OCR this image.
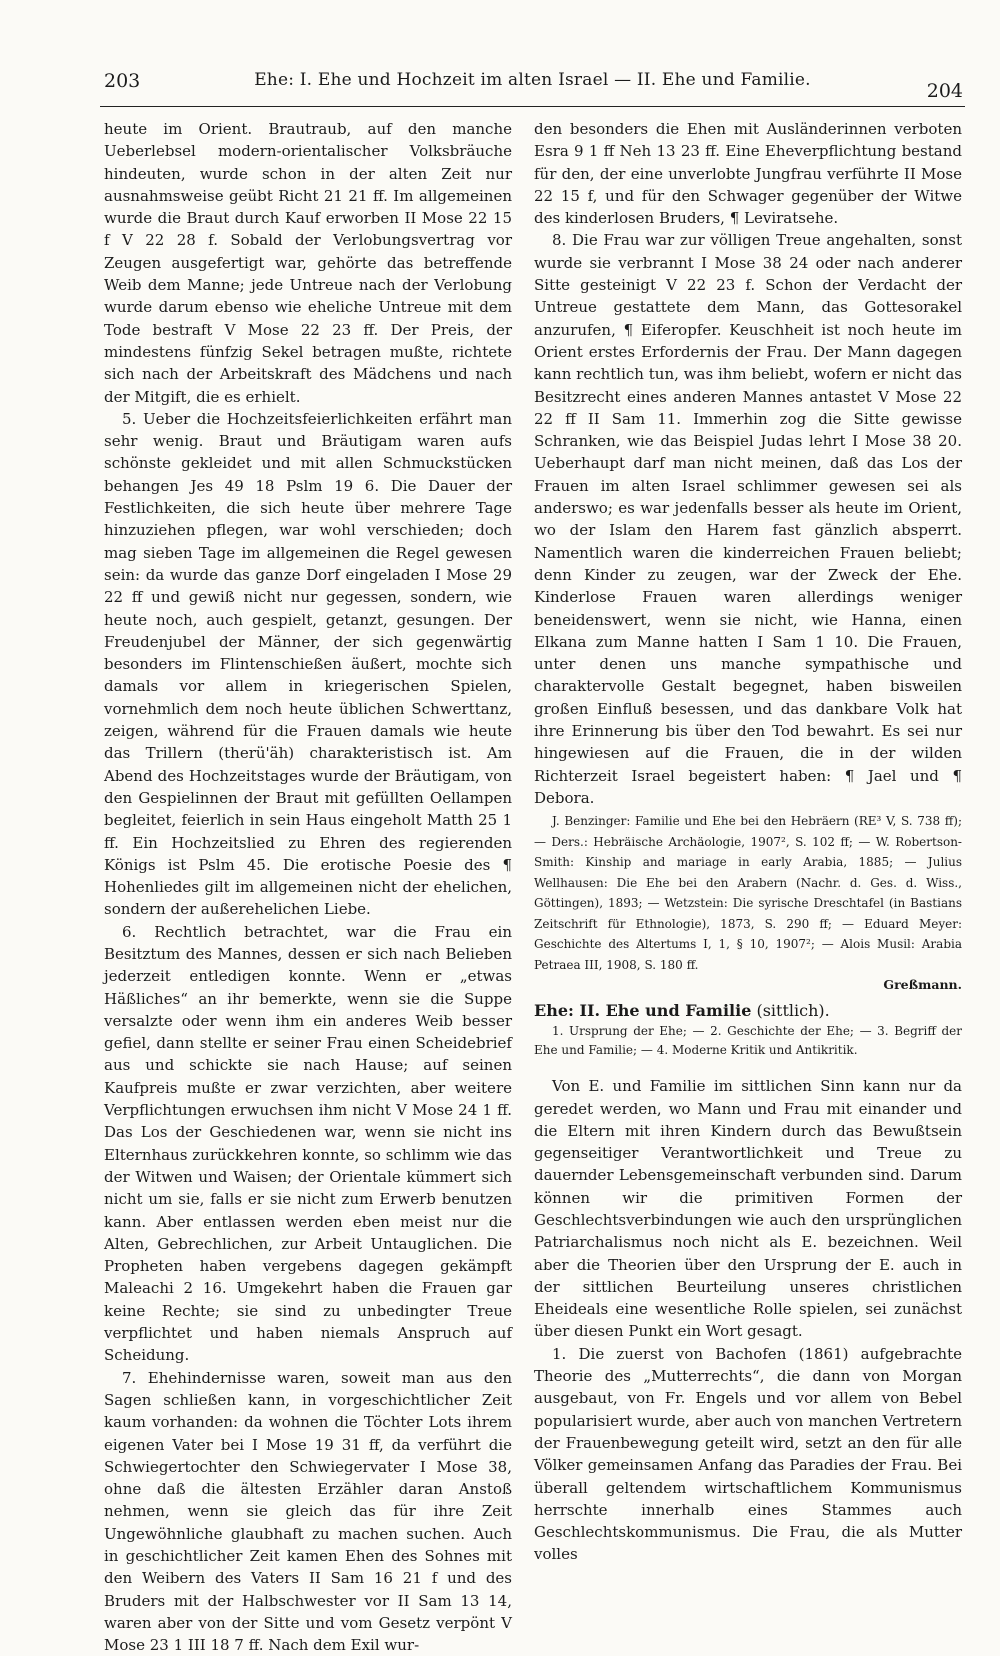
203	Ehe: I. Ehe und Hochzeit im alten Israel — II. Ehe und Familie.	204

heute im Orient. Brautraub, auf den manche Ueberlebsel modern-orientalischer Volksbräuche hindeuten, wurde schon in der alten Zeit nur ausnahmsweise geübt Richt 21 21 ff. Im allgemeinen wurde die Braut durch Kauf erworben II Mose 22 15 f V 22 28 f. Sobald der Verlobungsvertrag vor Zeugen ausgefertigt war, gehörte das betreffende Weib dem Manne; jede Untreue nach der Verlobung wurde darum ebenso wie eheliche Untreue mit dem Tode bestraft V Mose 22 23 ff. Der Preis, der mindestens fünfzig Sekel betragen mußte, richtete sich nach der Arbeitskraft des Mädchens und nach der Mitgift, die es erhielt.

5. Ueber die Hochzeitsfeierlichkeiten erfährt man sehr wenig. Braut und Bräutigam waren aufs schönste gekleidet und mit allen Schmuckstücken behangen Jes 49 18 Pslm 19 6. Die Dauer der Festlichkeiten, die sich heute über mehrere Tage hinzuziehen pflegen, war wohl verschieden; doch mag sieben Tage im allgemeinen die Regel gewesen sein: da wurde das ganze Dorf eingeladen I Mose 29 22 ff und gewiß nicht nur gegessen, sondern, wie heute noch, auch gespielt, getanzt, gesungen. Der Freudenjubel der Männer, der sich gegenwärtig besonders im Flintenschießen äußert, mochte sich damals vor allem in kriegerischen Spielen, vornehmlich dem noch heute üblichen Schwerttanz, zeigen, während für die Frauen damals wie heute das Trillern (therü'äh) charakteristisch ist. Am Abend des Hochzeitstages wurde der Bräutigam, von den Gespielinnen der Braut mit gefüllten Oellampen begleitet, feierlich in sein Haus eingeholt Matth 25 1 ff. Ein Hochzeitslied zu Ehren des regierenden Königs ist Pslm 45. Die erotische Poesie des ¶ Hohenliedes gilt im allgemeinen nicht der ehelichen, sondern der außerehelichen Liebe.

6. Rechtlich betrachtet, war die Frau ein Besitztum des Mannes, dessen er sich nach Belieben jederzeit entledigen konnte. Wenn er „etwas Häßliches“ an ihr bemerkte, wenn sie die Suppe versalzte oder wenn ihm ein anderes Weib besser gefiel, dann stellte er seiner Frau einen Scheidebrief aus und schickte sie nach Hause; auf seinen Kaufpreis mußte er zwar verzichten, aber weitere Verpflichtungen erwuchsen ihm nicht V Mose 24 1 ff. Das Los der Geschiedenen war, wenn sie nicht ins Elternhaus zurückkehren konnte, so schlimm wie das der Witwen und Waisen; der Orientale kümmert sich nicht um sie, falls er sie nicht zum Erwerb benutzen kann. Aber entlassen werden eben meist nur die Alten, Gebrechlichen, zur Arbeit Untauglichen. Die Propheten haben vergebens dagegen gekämpft Maleachi 2 16. Umgekehrt haben die Frauen gar keine Rechte; sie sind zu unbedingter Treue verpflichtet und haben niemals Anspruch auf Scheidung.

7. Ehehindernisse waren, soweit man aus den Sagen schließen kann, in vorgeschichtlicher Zeit kaum vorhanden: da wohnen die Töchter Lots ihrem eigenen Vater bei I Mose 19 31 ff, da verführt die Schwiegertochter den Schwiegervater I Mose 38, ohne daß die ältesten Erzähler daran Anstoß nehmen, wenn sie gleich das für ihre Zeit Ungewöhnliche glaubhaft zu machen suchen. Auch in geschichtlicher Zeit kamen Ehen des Sohnes mit den Weibern des Vaters II Sam 16 21 f und des Bruders mit der Halbschwester vor II Sam 13 14, waren aber von der Sitte und vom Gesetz verpönt V Mose 23 1 III 18 7 ff. Nach dem Exil wur-

den besonders die Ehen mit Ausländerinnen verboten Esra 9 1 ff Neh 13 23 ff. Eine Eheverpflichtung bestand für den, der eine unverlobte Jungfrau verführte II Mose 22 15 f, und für den Schwager gegenüber der Witwe des kinderlosen Bruders, ¶ Leviratsehe.

8. Die Frau war zur völligen Treue angehalten, sonst wurde sie verbrannt I Mose 38 24 oder nach anderer Sitte gesteinigt V 22 23 f. Schon der Verdacht der Untreue gestattete dem Mann, das Gottesorakel anzurufen, ¶ Eiferopfer. Keuschheit ist noch heute im Orient erstes Erfordernis der Frau. Der Mann dagegen kann rechtlich tun, was ihm beliebt, wofern er nicht das Besitzrecht eines anderen Mannes antastet V Mose 22 22 ff II Sam 11. Immerhin zog die Sitte gewisse Schranken, wie das Beispiel Judas lehrt I Mose 38 20. Ueberhaupt darf man nicht meinen, daß das Los der Frauen im alten Israel schlimmer gewesen sei als anderswo; es war jedenfalls besser als heute im Orient, wo der Islam den Harem fast gänzlich absperrt. Namentlich waren die kinderreichen Frauen beliebt; denn Kinder zu zeugen, war der Zweck der Ehe. Kinderlose Frauen waren allerdings weniger beneidenswert, wenn sie nicht, wie Hanna, einen Elkana zum Manne hatten I Sam 1 10. Die Frauen, unter denen uns manche sympathische und charaktervolle Gestalt begegnet, haben bisweilen großen Einfluß besessen, und das dankbare Volk hat ihre Erinnerung bis über den Tod bewahrt. Es sei nur hingewiesen auf die Frauen, die in der wilden Richterzeit Israel begeistert haben: ¶ Jael und ¶ Debora.

J. Benzinger: Familie und Ehe bei den Hebräern (RE³ V, S. 738 ff); — Ders.: Hebräische Archäologie, 1907², S. 102 ff; — W. Robertson-Smith: Kinship and mariage in early Arabia, 1885; — Julius Wellhausen: Die Ehe bei den Arabern (Nachr. d. Ges. d. Wiss., Göttingen), 1893; — Wetzstein: Die syrische Dreschtafel (in Bastians Zeitschrift für Ethnologie), 1873, S. 290 ff; — Eduard Meyer: Geschichte des Altertums I, 1, § 10, 1907²; — Alois Musil: Arabia Petraea III, 1908, S. 180 ff.
Greßmann.
Ehe: II. Ehe und Familie (sittlich).
1. Ursprung der Ehe; — 2. Geschichte der Ehe; — 3. Begriff der Ehe und Familie; — 4. Moderne Kritik und Antikritik.

Von E. und Familie im sittlichen Sinn kann nur da geredet werden, wo Mann und Frau mit einander und die Eltern mit ihren Kindern durch das Bewußtsein gegenseitiger Verantwortlichkeit und Treue zu dauernder Lebensgemeinschaft verbunden sind. Darum können wir die primitiven Formen der Geschlechtsverbindungen wie auch den ursprünglichen Patriarchalismus noch nicht als E. bezeichnen. Weil aber die Theorien über den Ursprung der E. auch in der sittlichen Beurteilung unseres christlichen Eheideals eine wesentliche Rolle spielen, sei zunächst über diesen Punkt ein Wort gesagt.

1. Die zuerst von Bachofen (1861) aufgebrachte Theorie des „Mutterrechts“, die dann von Morgan ausgebaut, von Fr. Engels und vor allem von Bebel popularisiert wurde, aber auch von manchen Vertretern der Frauenbewegung geteilt wird, setzt an den für alle Völker gemeinsamen Anfang das Paradies der Frau. Bei überall geltendem wirtschaftlichem Kommunismus herrschte innerhalb eines Stammes auch Geschlechtskommunismus. Die Frau, die als Mutter volles
